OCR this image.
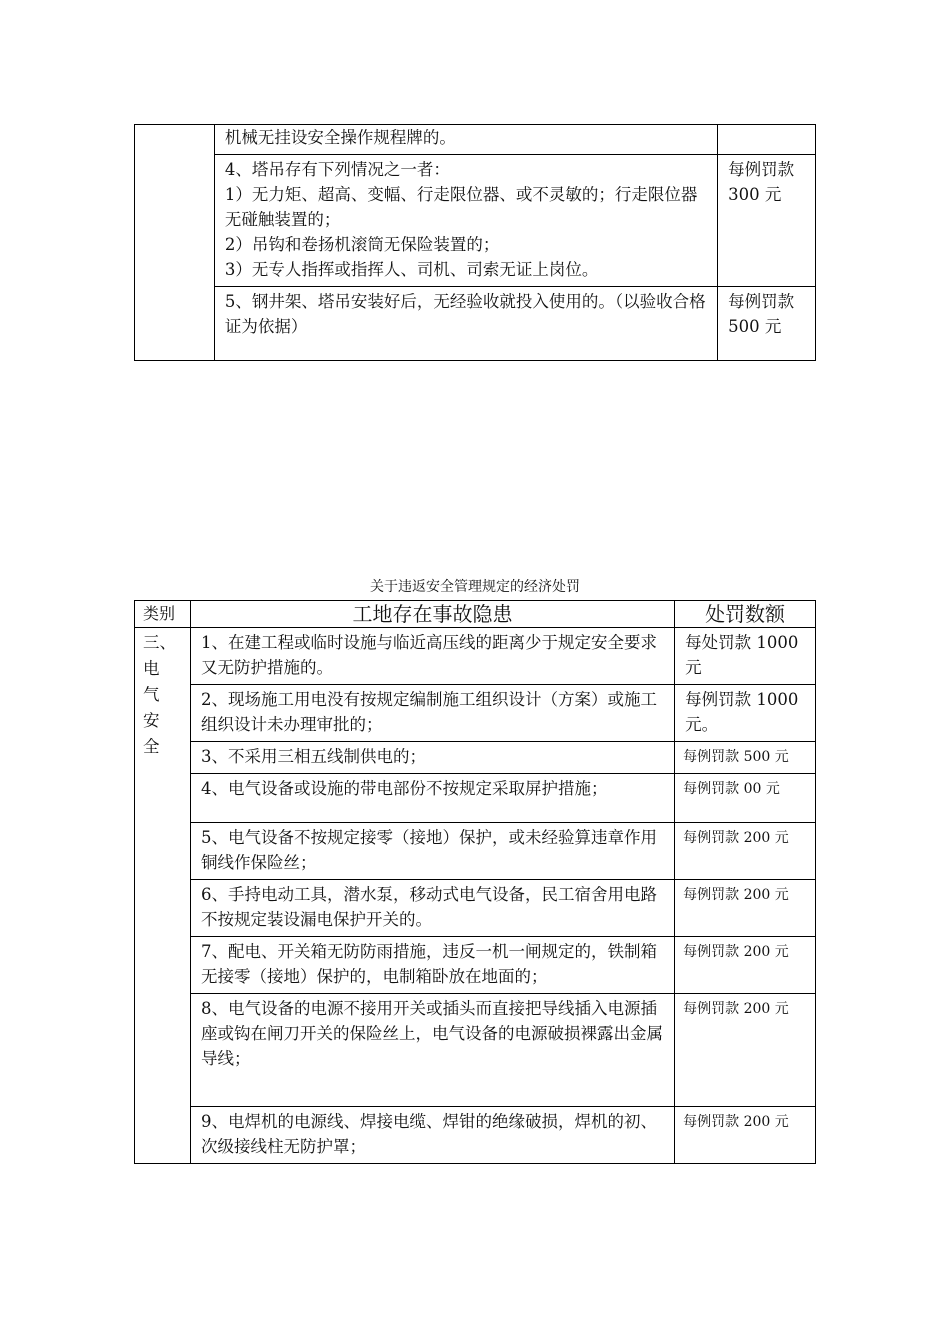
	机械无挂设安全操作规程牌的。	

	4、塔吊存有下列情况之一者：
1）无力矩、超高、变幅、行走限位器、或不灵敏的；行走限位器无碰触装置的；
2）吊钩和卷扬机滚筒无保险装置的；
3）无专人指挥或指挥人、司机、司索无证上岗位。	每例罚款
300 元

	5、钢井架、塔吊安装好后，无经验收就投入使用的。（以验收合格证为依据）	每例罚款
500 元
关于违返安全管理规定的经济处罚
类别	工地存在事故隐患	处罚数额

三、
电
气
安
全	1、在建工程或临时设施与临近高压线的距离少于规定安全要求又无防护措施的。	每处罚款 1000 元
	2、现场施工用电没有按规定编制施工组织设计（方案）或施工组织设计未办理审批的；	每例罚款 1000 元。
	3、不采用三相五线制供电的；	每例罚款 500 元
	4、电气设备或设施的带电部份不按规定采取屏护措施；	每例罚款 00 元
	5、电气设备不按规定接零（接地）保护，或未经验算违章作用铜线作保险丝；	每例罚款 200 元
	6、手持电动工具，潜水泵，移动式电气设备，民工宿舍用电路不按规定装设漏电保护开关的。	每例罚款 200 元
	7、配电、开关箱无防防雨措施，违反一机一闸规定的，铁制箱无接零（接地）保护的，电制箱卧放在地面的；	每例罚款 200 元
	8、电气设备的电源不接用开关或插头而直接把导线插入电源插座或钩在闸刀开关的保险丝上，电气设备的电源破损裸露出金属导线；	每例罚款 200 元
	9、电焊机的电源线、焊接电缆、焊钳的绝缘破损，焊机的初、次级接线柱无防护罩；	每例罚款 200 元
